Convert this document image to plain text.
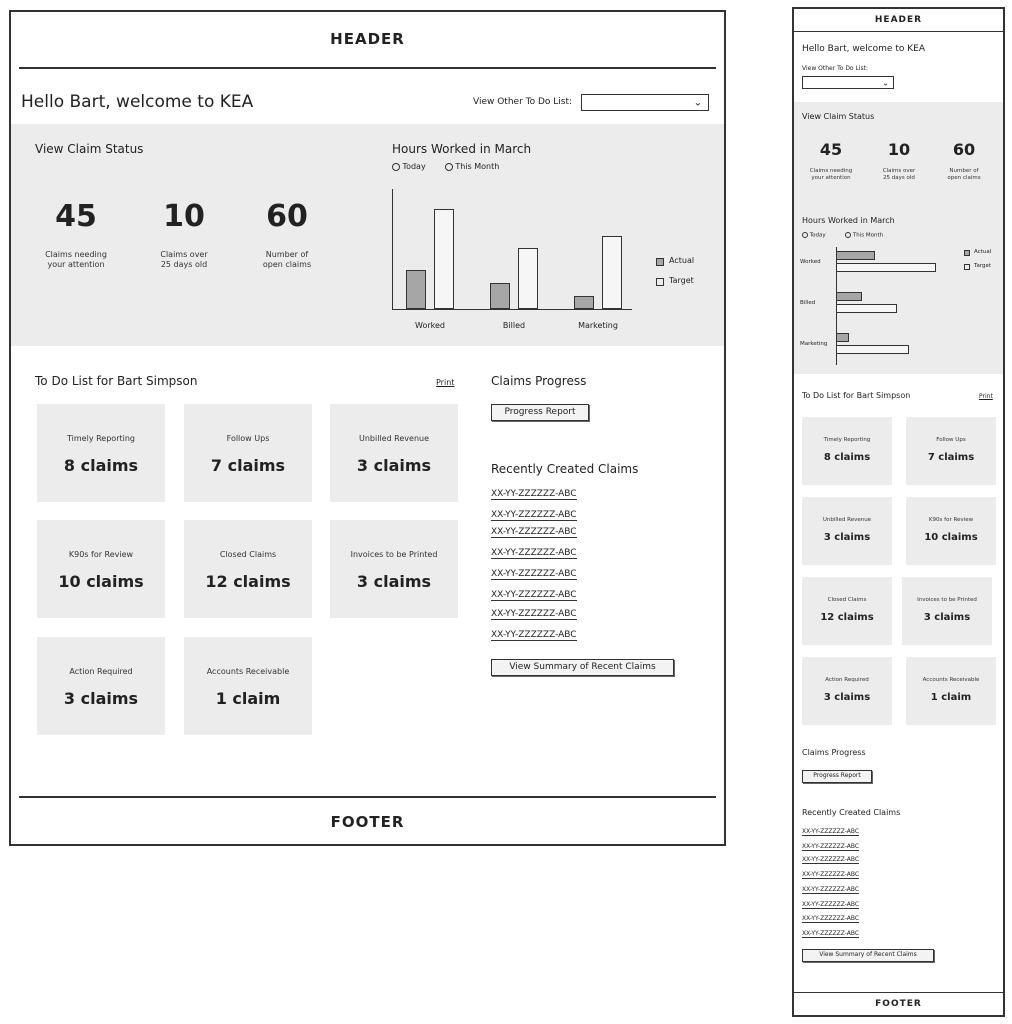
HEADER
Hello Bart, welcome to KEA	View Other To Do List:	⌄
View Claim Status
45
Claims needing
your attention
10
Claims over
25 days old
60
Number of
open claims
Hours Worked in March
Today	This Month
Worked	Billed	Marketing
Actual
Target
To Do List for Bart Simpson	Print
Timely Reporting
8 claims
Follow Ups
7 claims
Unbilled Revenue
3 claims
K90s for Review
10 claims
Closed Claims
12 claims
Invoices to be Printed
3 claims
Action Required
3 claims
Accounts Receivable
1 claim
Claims Progress
Progress Report
Recently Created Claims
XX-YY-ZZZZZZ-ABC
XX-YY-ZZZZZZ-ABC
XX-YY-ZZZZZZ-ABC
XX-YY-ZZZZZZ-ABC
XX-YY-ZZZZZZ-ABC
XX-YY-ZZZZZZ-ABC
XX-YY-ZZZZZZ-ABC
XX-YY-ZZZZZZ-ABC
View Summary of Recent Claims
FOOTER
HEADER
Hello Bart, welcome to KEA
View Other To Do List:
⌄
View Claim Status
45
Claims needing
your attention
10
Claims over
25 days old
60
Number of
open claims
Hours Worked in March
Today	This Month
Actual
Target
Worked
Billed
Marketing
To Do List for Bart Simpson	Print
Timely Reporting
8 claims
Follow Ups
7 claims
Unbilled Revenue
3 claims
K90s for Review
10 claims
Closed Claims
12 claims
Invoices to be Printed
3 claims
Action Required
3 claims
Accounts Receivable
1 claim
Claims Progress
Progress Report
Recently Created Claims
XX-YY-ZZZZZZ-ABC
XX-YY-ZZZZZZ-ABC
XX-YY-ZZZZZZ-ABC
XX-YY-ZZZZZZ-ABC
XX-YY-ZZZZZZ-ABC
XX-YY-ZZZZZZ-ABC
XX-YY-ZZZZZZ-ABC
XX-YY-ZZZZZZ-ABC
View Summary of Recent Claims
FOOTER
